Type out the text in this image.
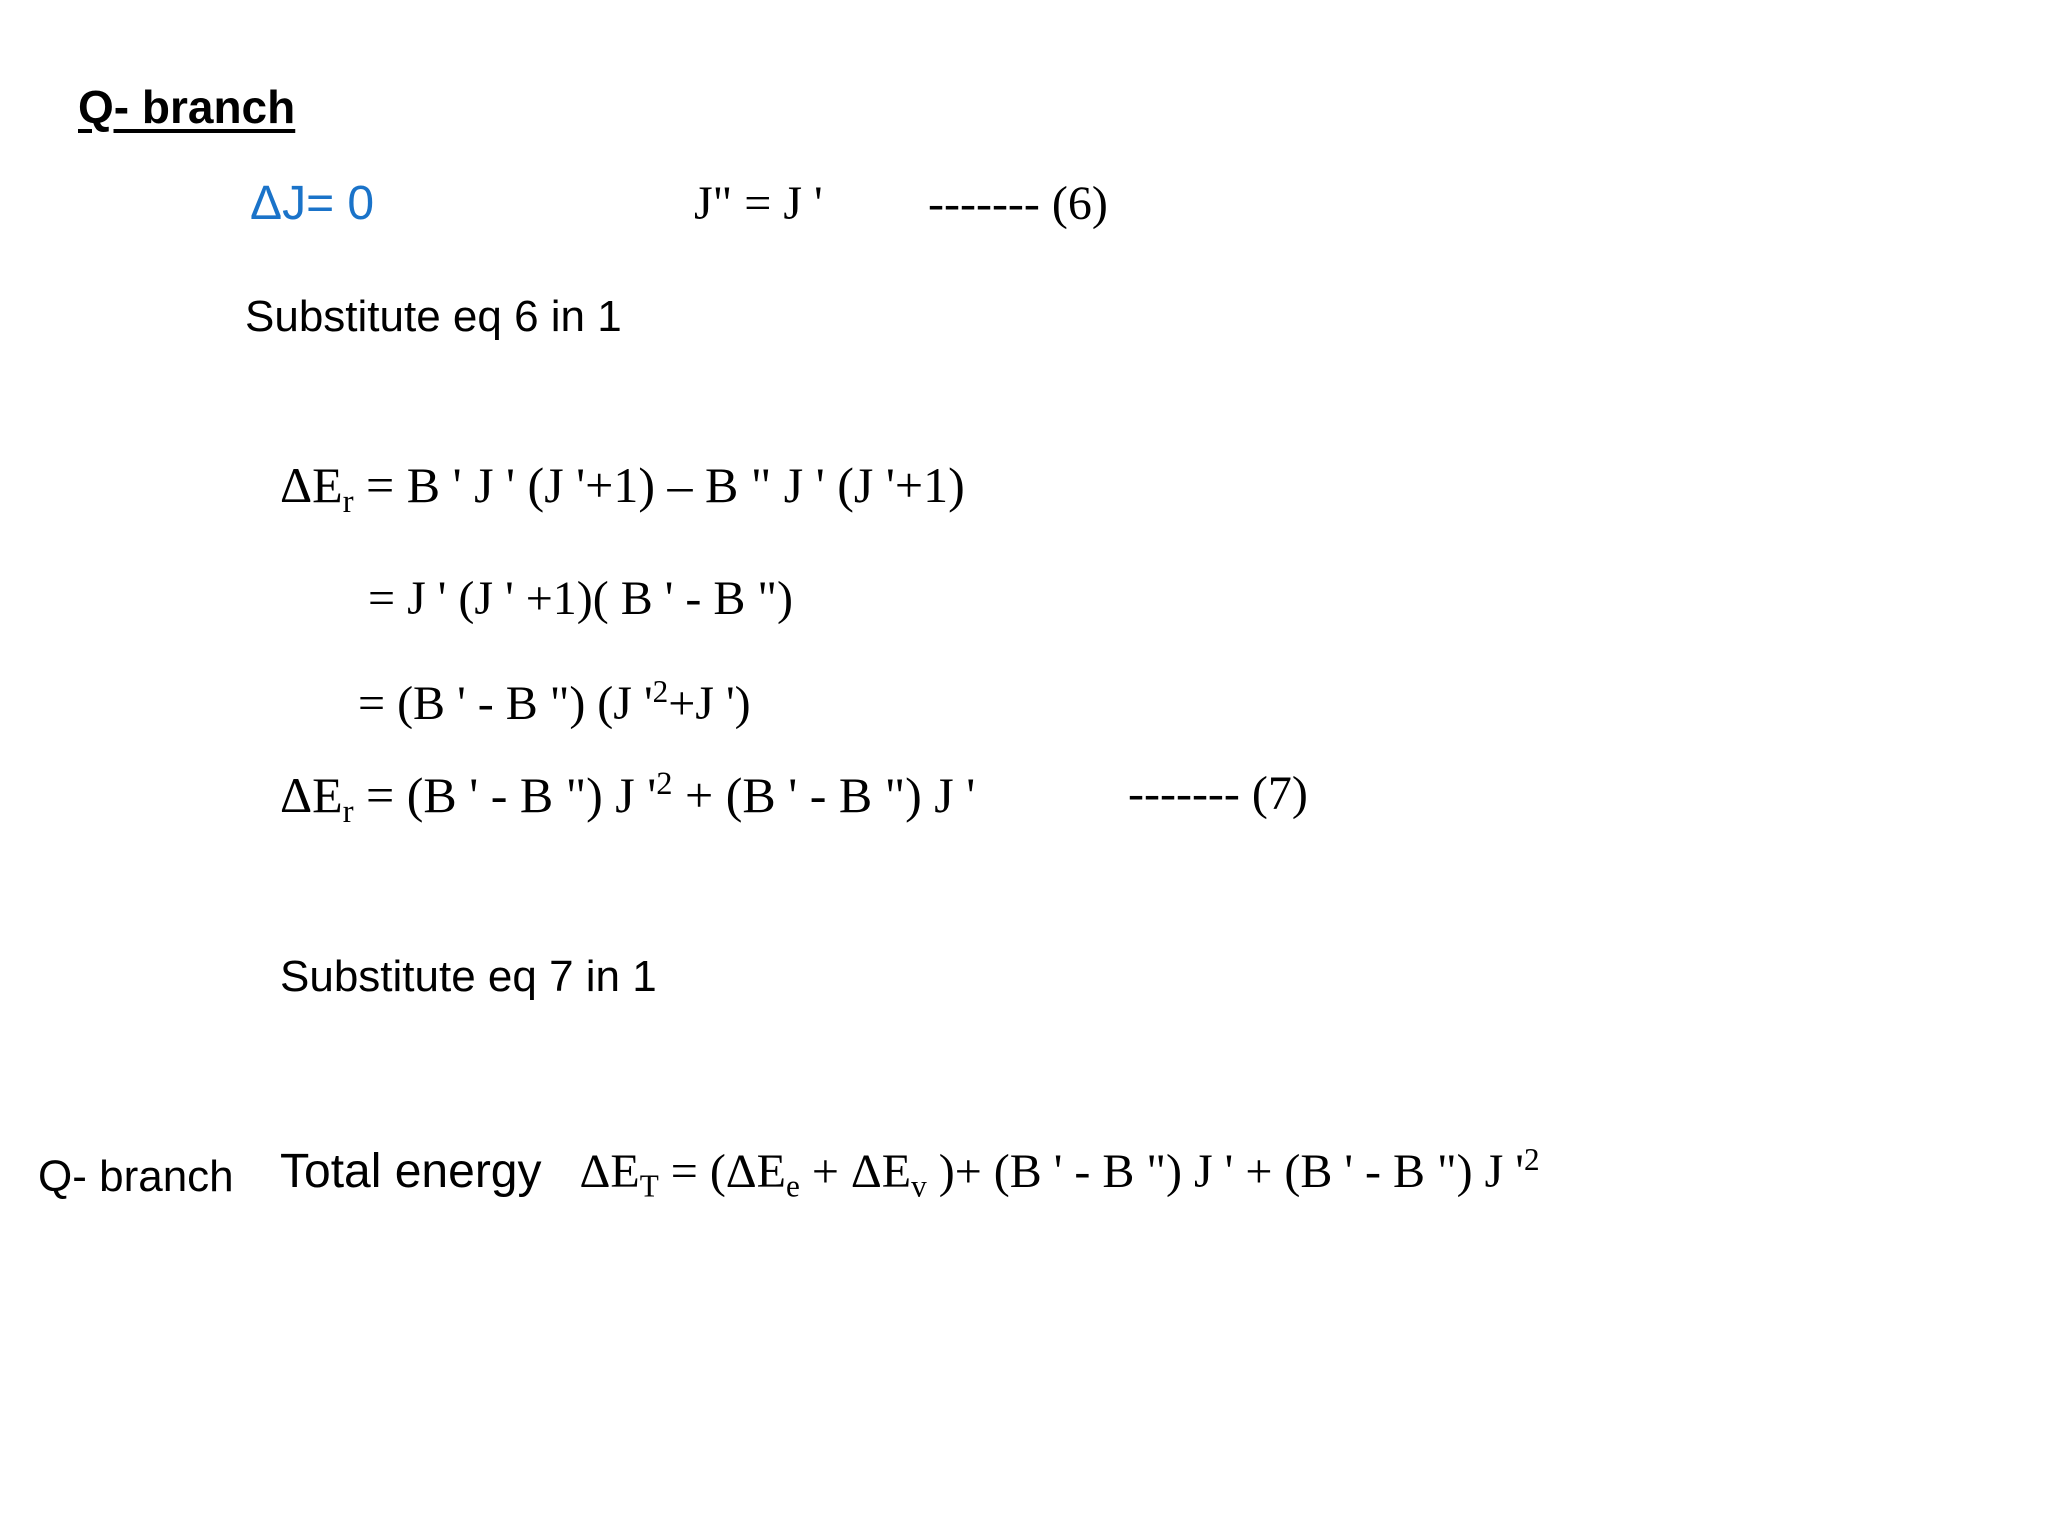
Q- branch
ΔJ= 0	J" = J ' ------- (6)
Substitute eq 6 in 1
$\Delta E_r = B$ ' J ' (J '+1) – B " J ' (J '+1)
= J ' (J ' +1)( B ' - B ")
= (B ' - B ") (J '$^2+J$ ')
$\Delta E_r = (B$ ' - B ") J '$^2 + (B$ ' - B ") J '	------- (7)
Substitute eq 7 in 1
Q- branch Total energy $\Delta E_T = (\Delta E_e + \Delta E_v$ )+ (B ' - B ") J ' + (B ' - B ") J '$^2$
